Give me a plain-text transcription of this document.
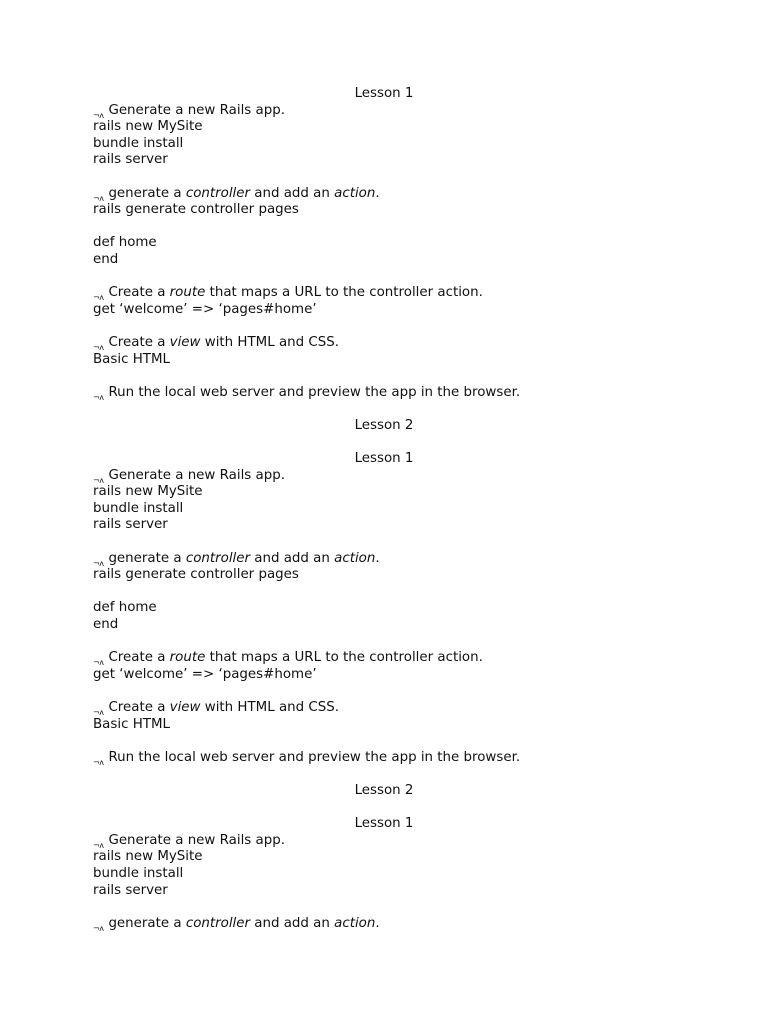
Lesson 1
¬ʌ Generate a new Rails app.
rails new MySite
bundle install
rails server
¬ʌ generate a controller and add an action.
rails generate controller pages
def home
end
¬ʌ Create a route that maps a URL to the controller action.
get ‘welcome’ => ‘pages#home’
¬ʌ Create a view with HTML and CSS.
Basic HTML
¬ʌ Run the local web server and preview the app in the browser.
Lesson 2
Lesson 1
¬ʌ Generate a new Rails app.
rails new MySite
bundle install
rails server
¬ʌ generate a controller and add an action.
rails generate controller pages
def home
end
¬ʌ Create a route that maps a URL to the controller action.
get ‘welcome’ => ‘pages#home’
¬ʌ Create a view with HTML and CSS.
Basic HTML
¬ʌ Run the local web server and preview the app in the browser.
Lesson 2
Lesson 1
¬ʌ Generate a new Rails app.
rails new MySite
bundle install
rails server
¬ʌ generate a controller and add an action.
